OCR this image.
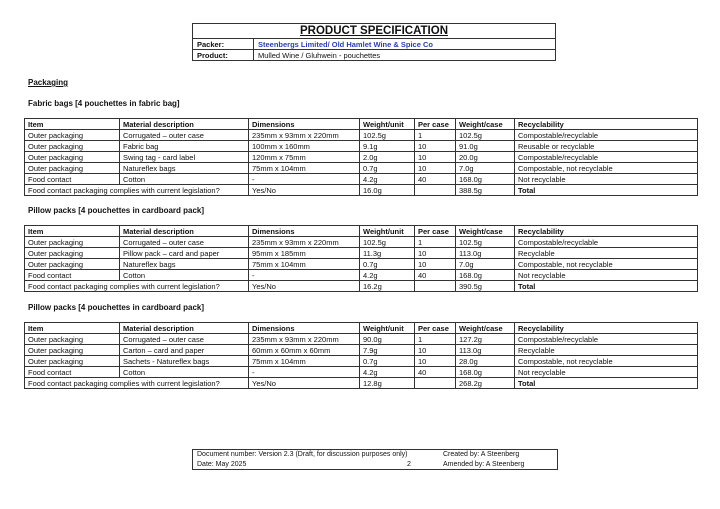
PRODUCT SPECIFICATION	
Packer:	Steenbergs Limited/ Old Hamlet Wine & Spice Co
Product:	Mulled Wine / Gluhwein - pouchettes
Packaging
Fabric bags [4 pouchettes in fabric bag]
Item	Material description	Dimensions	Weight/unit	Per case	Weight/case	Recyclability
Outer packaging	Corrugated – outer case	235mm x 93mm x 220mm	102.5g	1	102.5g	Compostable/recyclable
Outer packaging	Fabric bag	100mm x 160mm	9.1g	10	91.0g	Reusable or recyclable
Outer packaging	Swing tag - card label	120mm x 75mm	2.0g	10	20.0g	Compostable/recyclable
Outer packaging	Natureflex bags	75mm x 104mm	0.7g	10	7.0g	Compostable, not recyclable
Food contact	Cotton	-	4.2g	40	168.0g	Not recyclable
Food contact packaging complies with current legislation?		Yes/No	16.0g		388.5g	Total
Pillow packs [4 pouchettes in cardboard pack]
Item	Material description	Dimensions	Weight/unit	Per case	Weight/case	Recyclability
Outer packaging	Corrugated – outer case	235mm x 93mm x 220mm	102.5g	1	102.5g	Compostable/recyclable
Outer packaging	Pillow pack – card and paper	95mm x 185mm	11.3g	10	113.0g	Recyclable
Outer packaging	Natureflex bags	75mm x 104mm	0.7g	10	7.0g	Compostable, not recyclable
Food contact	Cotton	-	4.2g	40	168.0g	Not recyclable
Food contact packaging complies with current legislation?		Yes/No	16.2g		390.5g	Total
Pillow packs [4 pouchettes in cardboard pack]
Item	Material description	Dimensions	Weight/unit	Per case	Weight/case	Recyclability
Outer packaging	Corrugated – outer case	235mm x 93mm x 220mm	90.0g	1	127.2g	Compostable/recyclable
Outer packaging	Carton – card and paper	60mm x 60mm x 60mm	7.9g	10	113.0g	Recyclable
Outer packaging	Sachets - Natureflex bags	75mm x 104mm	0.7g	10	28.0g	Compostable, not recyclable
Food contact	Cotton	-	4.2g	40	168.0g	Not recyclable
Food contact packaging complies with current legislation?		Yes/No	12.8g		268.2g	Total
Document number: Version 2.3 (Draft, for discussion purposes only)	Created by: A Steenberg
Date: May 2025	2	Amended by: A Steenberg
